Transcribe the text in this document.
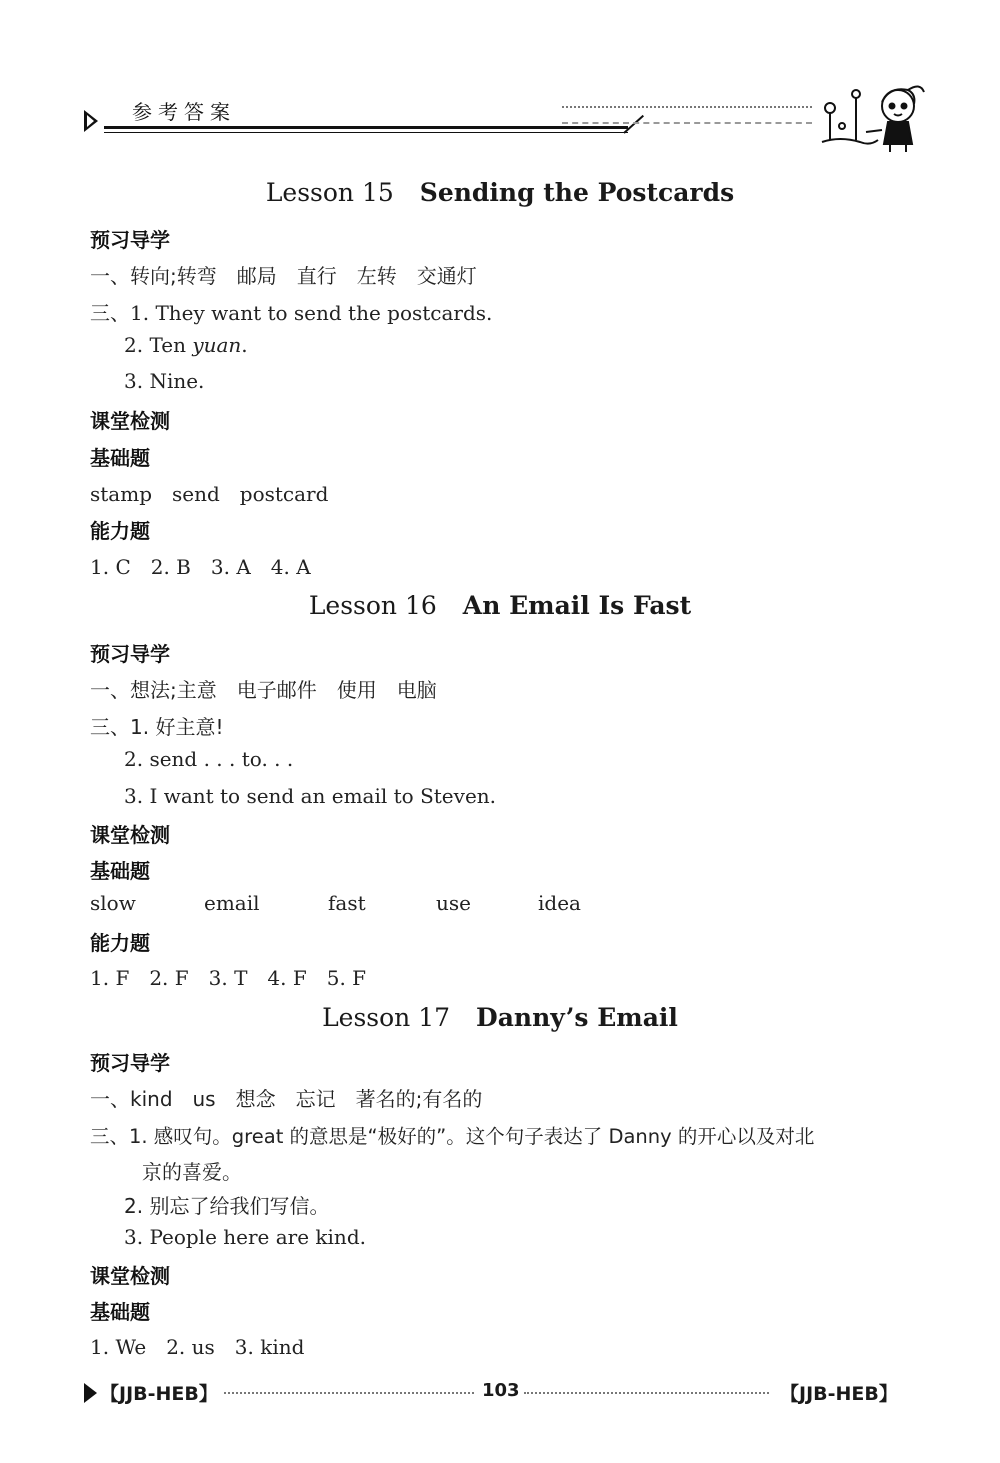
参考答案
Lesson 15 Sending the Postcards
预习导学
一、转向;转弯　邮局　直行　左转　交通灯
三、1. They want to send the postcards.
2. Ten yuan.
3. Nine.
课堂检测
基础题
stamp　send　postcard
能力题
1. C　2. B　3. A　4. A
Lesson 16 An Email Is Fast
预习导学
一、想法;主意　电子邮件　使用　电脑
三、1. 好主意!
2. send . . . to. . .
3. I want to send an email to Steven.
课堂检测
基础题
slow	email	fast	use	idea
能力题
1. F　2. F　3. T　4. F　5. F
Lesson 17 Danny’s Email
预习导学
一、kind　us　想念　忘记　著名的;有名的
三、1. 感叹句。great 的意思是“极好的”。这个句子表达了 Danny 的开心以及对北
京的喜爱。
2. 别忘了给我们写信。
3. People here are kind.
课堂检测
基础题
1. We　2. us　3. kind
【JJB-HEB】	103	【JJB-HEB】
